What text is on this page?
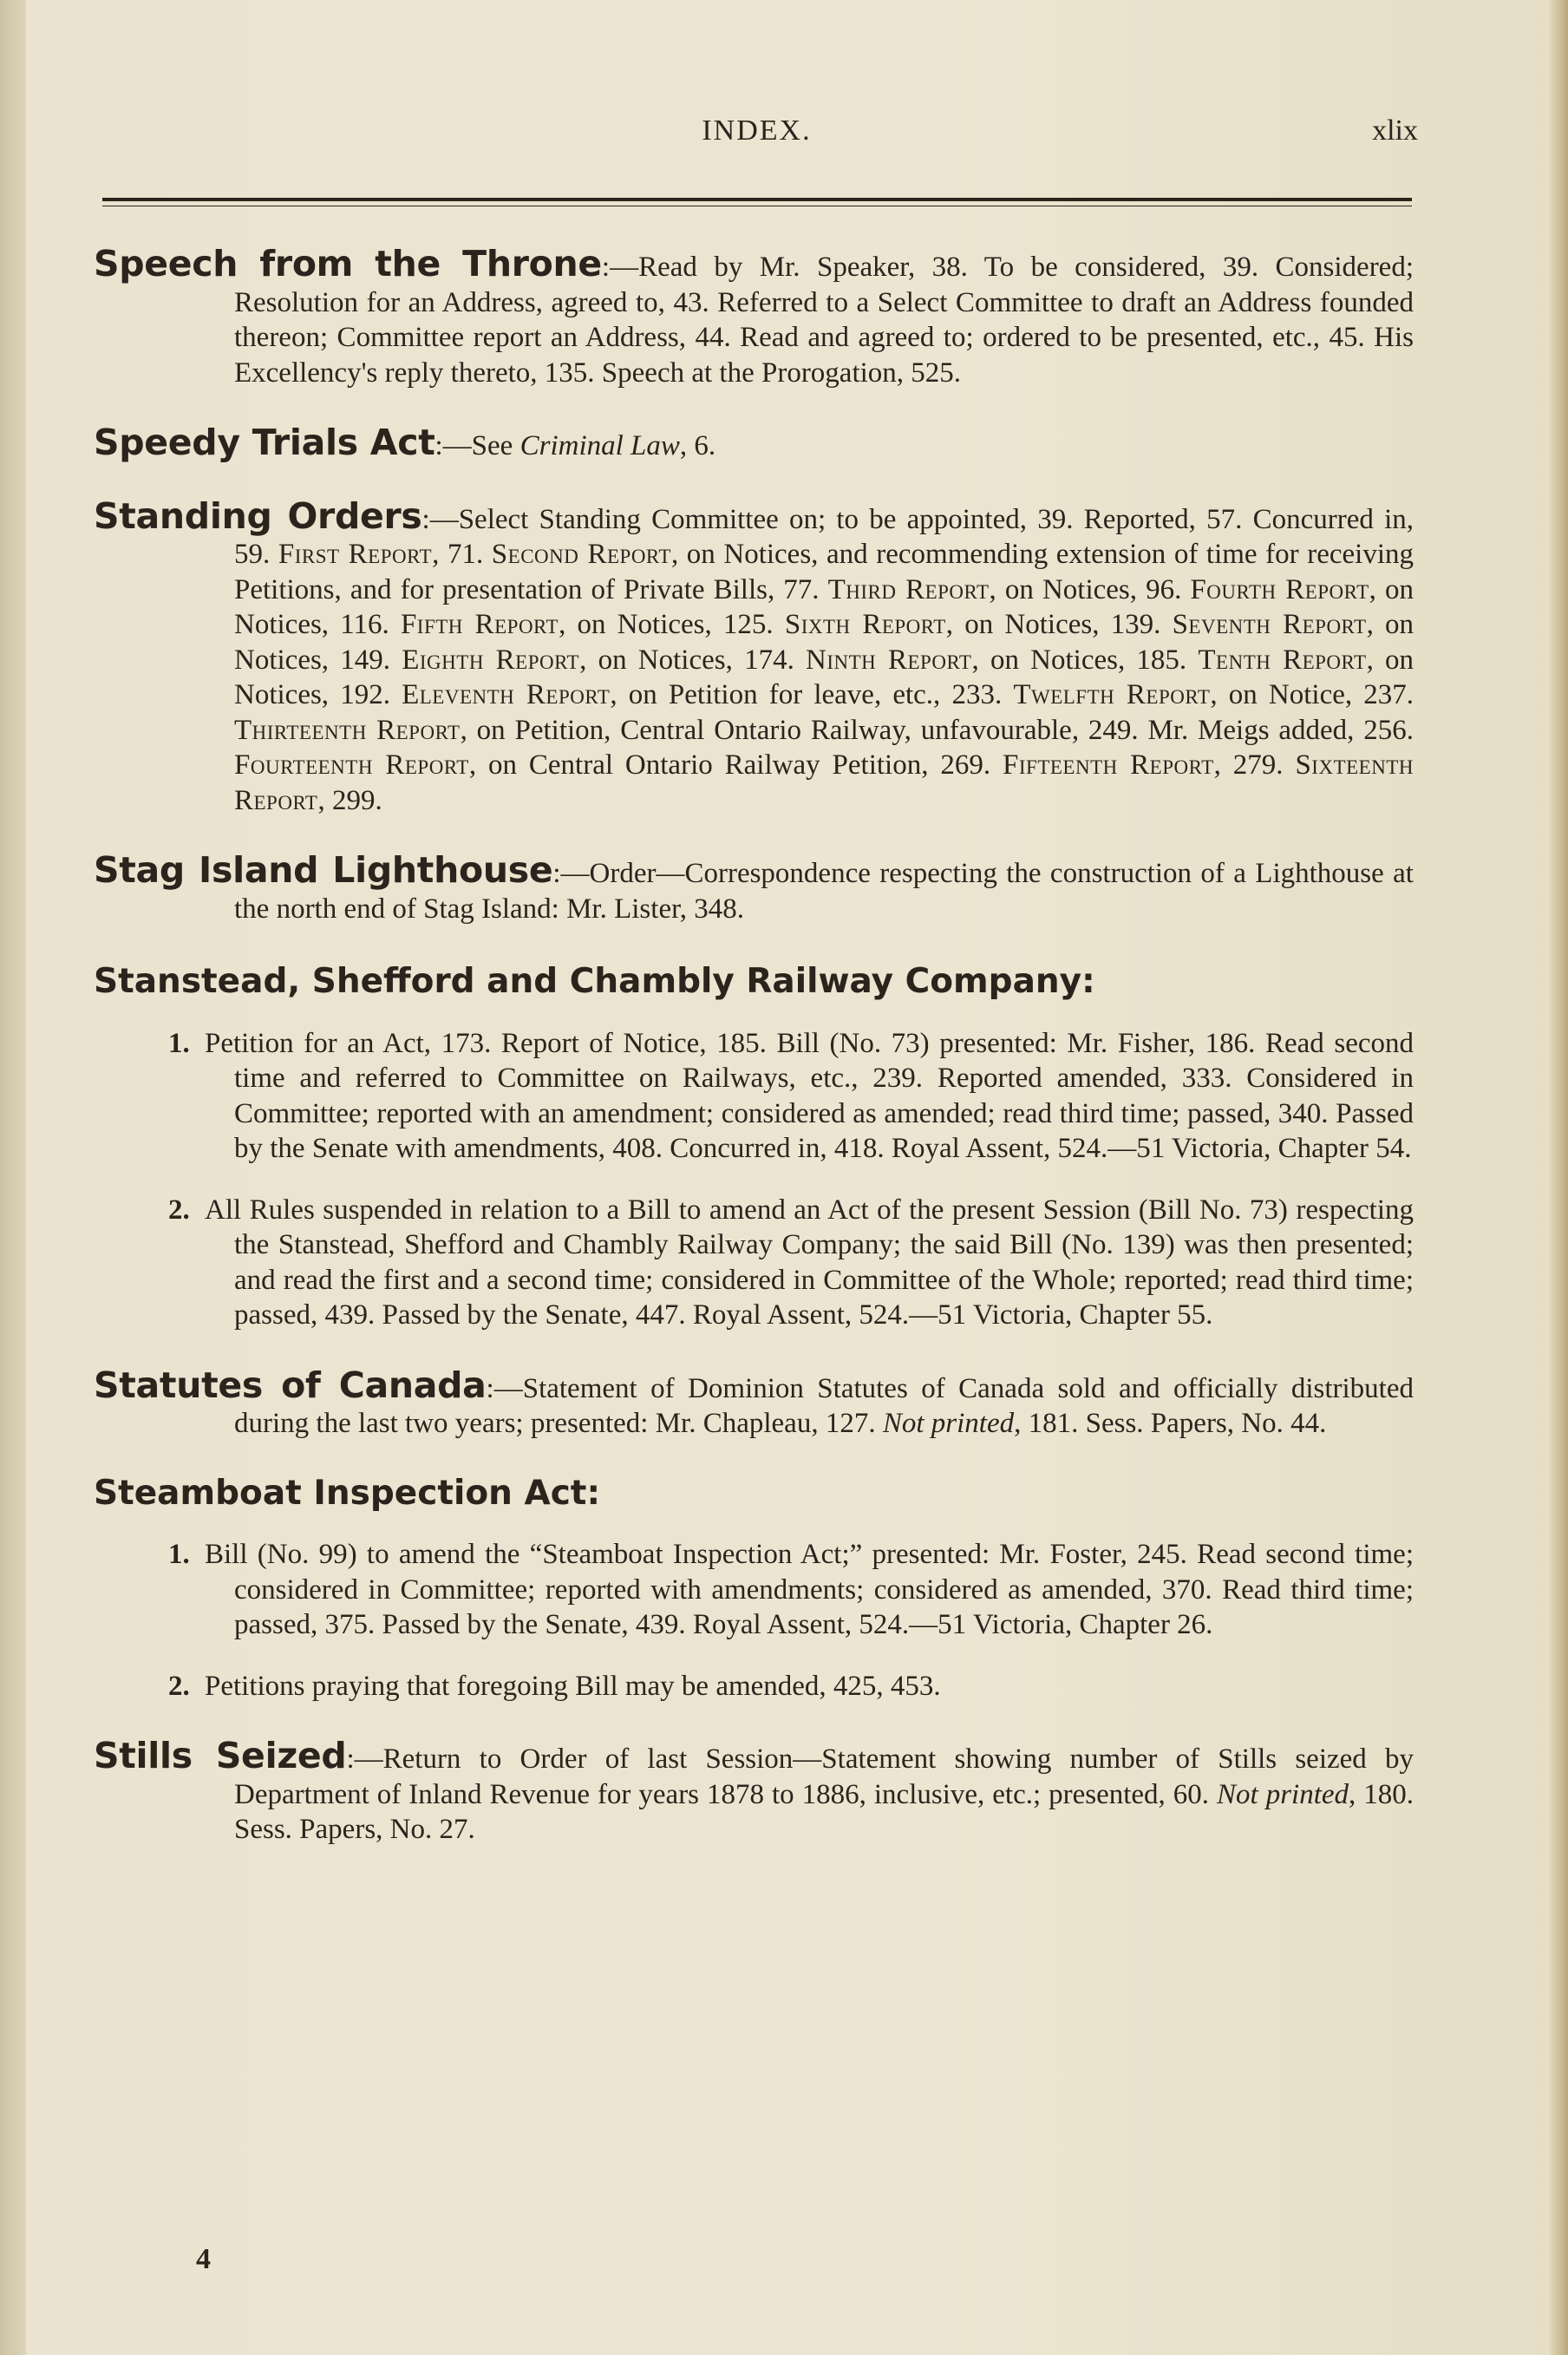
INDEX.	xlix

Speech from the Throne:—Read by Mr. Speaker, 38. To be considered, 39. Considered; Resolution for an Address, agreed to, 43. Referred to a Select Committee to draft an Address founded thereon; Committee report an Address, 44. Read and agreed to; ordered to be presented, etc., 45. His Excellency's reply thereto, 135. Speech at the Prorogation, 525.

Speedy Trials Act:—See Criminal Law, 6.

Standing Orders:—Select Standing Committee on; to be appointed, 39. Reported, 57. Concurred in, 59. First Report, 71. Second Report, on Notices, and recommending extension of time for receiving Petitions, and for presentation of Private Bills, 77. Third Report, on Notices, 96. Fourth Report, on Notices, 116. Fifth Report, on Notices, 125. Sixth Report, on Notices, 139. Seventh Report, on Notices, 149. Eighth Report, on Notices, 174. Ninth Report, on Notices, 185. Tenth Report, on Notices, 192. Eleventh Report, on Petition for leave, etc., 233. Twelfth Report, on Notice, 237. Thirteenth Report, on Petition, Central Ontario Railway, unfavourable, 249. Mr. Meigs added, 256. Fourteenth Report, on Central Ontario Railway Petition, 269. Fifteenth Report, 279. Sixteenth Report, 299.

Stag Island Lighthouse:—Order—Correspondence respecting the construction of a Lighthouse at the north end of Stag Island: Mr. Lister, 348.

Stanstead, Shefford and Chambly Railway Company:

1. Petition for an Act, 173. Report of Notice, 185. Bill (No. 73) presented: Mr. Fisher, 186. Read second time and referred to Committee on Railways, etc., 239. Reported amended, 333. Considered in Committee; reported with an amendment; considered as amended; read third time; passed, 340. Passed by the Senate with amendments, 408. Concurred in, 418. Royal Assent, 524.—51 Victoria, Chapter 54.

2. All Rules suspended in relation to a Bill to amend an Act of the present Session (Bill No. 73) respecting the Stanstead, Shefford and Chambly Railway Company; the said Bill (No. 139) was then presented; and read the first and a second time; considered in Committee of the Whole; reported; read third time; passed, 439. Passed by the Senate, 447. Royal Assent, 524.—51 Victoria, Chapter 55.

Statutes of Canada:—Statement of Dominion Statutes of Canada sold and officially distributed during the last two years; presented: Mr. Chapleau, 127. Not printed, 181. Sess. Papers, No. 44.

Steamboat Inspection Act:

1. Bill (No. 99) to amend the “Steamboat Inspection Act;” presented: Mr. Foster, 245. Read second time; considered in Committee; reported with amendments; considered as amended, 370. Read third time; passed, 375. Passed by the Senate, 439. Royal Assent, 524.—51 Victoria, Chapter 26.

2. Petitions praying that foregoing Bill may be amended, 425, 453.

Stills Seized:—Return to Order of last Session—Statement showing number of Stills seized by Department of Inland Revenue for years 1878 to 1886, inclusive, etc.; presented, 60. Not printed, 180. Sess. Papers, No. 27.

4
